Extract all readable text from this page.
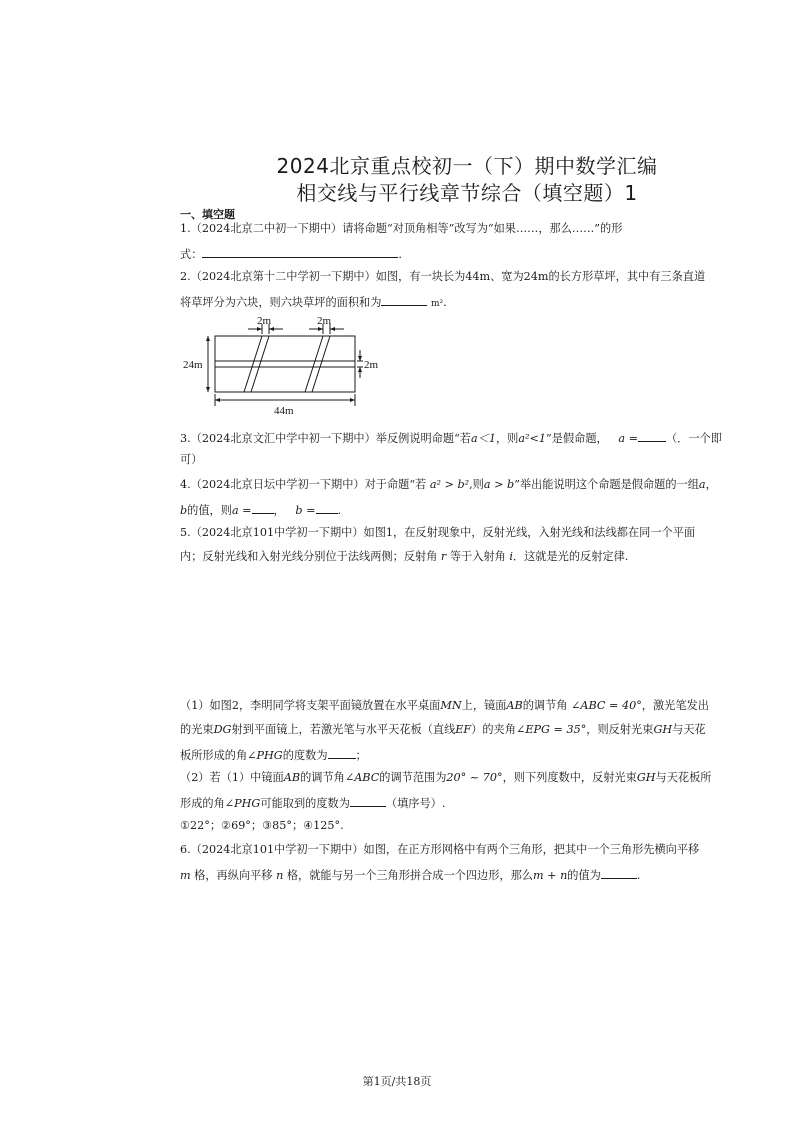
2024北京重点校初一（下）期中数学汇编
相交线与平行线章节综合（填空题）1
一、填空题
1.（2024北京二中初一下期中）请将命题“对顶角相等”改写为“如果……，那么……”的形
式：	.
2.（2024北京第十二中学初一下期中）如图，有一块长为44m、宽为24m的长方形草坪，其中有三条直道
将草坪分为六块，则六块草坪的面积和为	m².
2m	2m
24m	2m
44m
3.（2024北京文汇中学中初一下期中）举反例说明命题“若a＜1，则a²<1”是假命题， a =	（．一个即
可）
4.（2024北京日坛中学初一下期中）对于命题“若 a² > b²,则a > b”举出能说明这个命题是假命题的一组a，
b的值，则a = ， b = .
5.（2024北京101中学初一下期中）如图1，在反射现象中，反射光线，入射光线和法线都在同一个平面
内；反射光线和入射光线分别位于法线两侧；反射角 r 等于入射角 i．这就是光的反射定律.
（1）如图2，李明同学将支架平面镜放置在水平桌面MN上，镜面AB的调节角 ∠ABC = 40°，激光笔发出
的光束DG射到平面镜上，若激光笔与水平天花板（直线EF）的夹角∠EPG = 35°，则反射光束GH与天花
板所形成的角∠PHG的度数为	；
（2）若（1）中镜面AB的调节角∠ABC的调节范围为20° ~ 70°，则下列度数中，反射光束GH与天花板所
形成的角∠PHG可能取到的度数为	（填序号）.
①22°；②69°；③85°；④125°.
6.（2024北京101中学初一下期中）如图，在正方形网格中有两个三角形，把其中一个三角形先横向平移
m 格，再纵向平移 n 格，就能与另一个三角形拼合成一个四边形，那么m + n的值为	.
第1页/共18页
